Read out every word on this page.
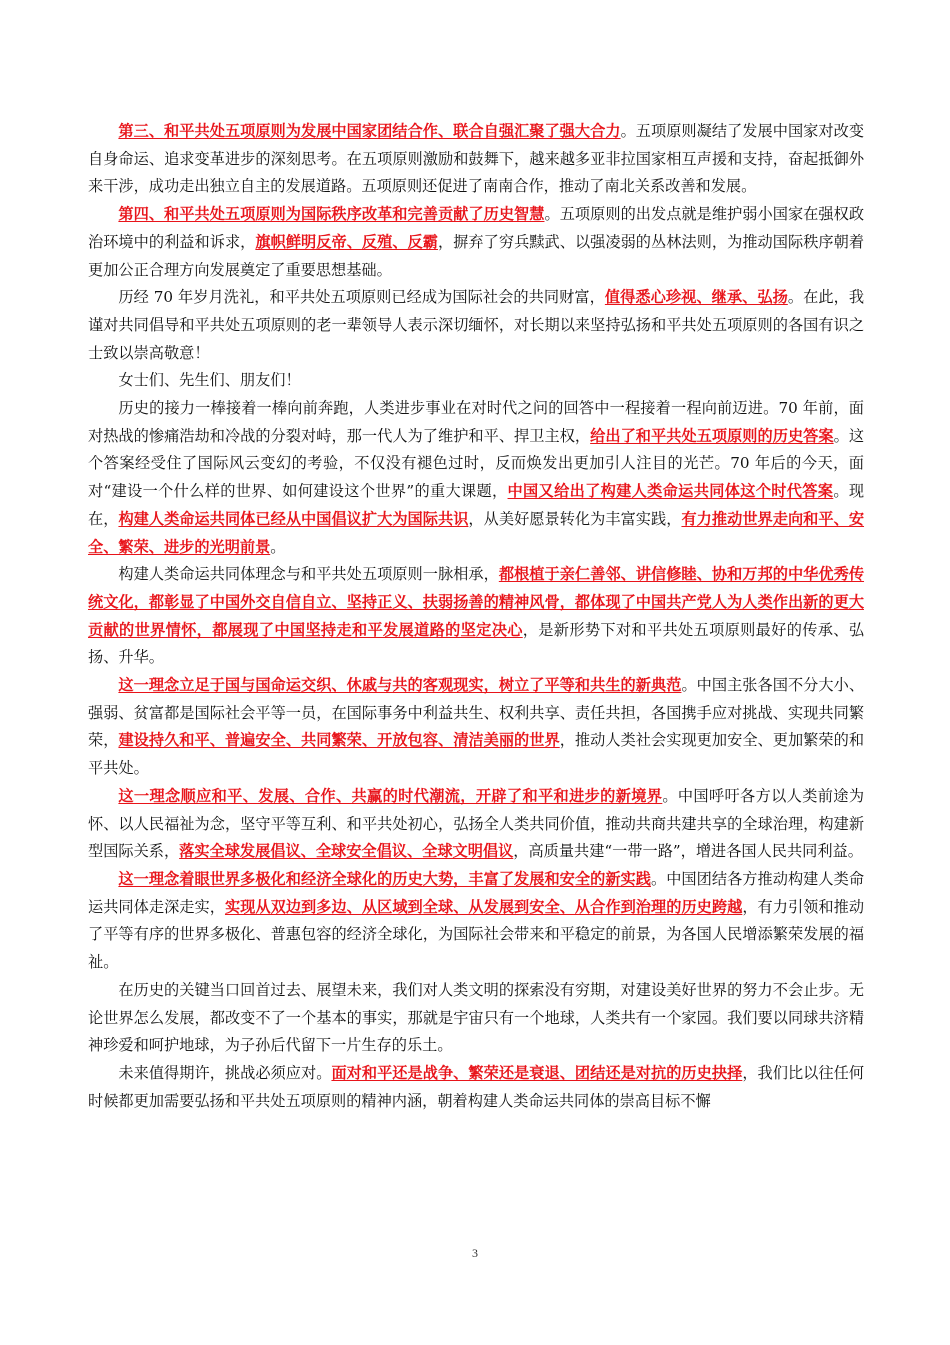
第三、和平共处五项原则为发展中国家团结合作、联合自强汇聚了强大合力。五项原则凝结了发展中国家对改变自身命运、追求变革进步的深刻思考。在五项原则激励和鼓舞下，越来越多亚非拉国家相互声援和支持，奋起抵御外来干涉，成功走出独立自主的发展道路。五项原则还促进了南南合作，推动了南北关系改善和发展。

第四、和平共处五项原则为国际秩序改革和完善贡献了历史智慧。五项原则的出发点就是维护弱小国家在强权政治环境中的利益和诉求，旗帜鲜明反帝、反殖、反霸，摒弃了穷兵黩武、以强凌弱的丛林法则，为推动国际秩序朝着更加公正合理方向发展奠定了重要思想基础。

历经 70 年岁月洗礼，和平共处五项原则已经成为国际社会的共同财富，值得悉心珍视、继承、弘扬。在此，我谨对共同倡导和平共处五项原则的老一辈领导人表示深切缅怀，对长期以来坚持弘扬和平共处五项原则的各国有识之士致以崇高敬意！

女士们、先生们、朋友们！

历史的接力一棒接着一棒向前奔跑，人类进步事业在对时代之问的回答中一程接着一程向前迈进。70 年前，面对热战的惨痛浩劫和冷战的分裂对峙，那一代人为了维护和平、捍卫主权，给出了和平共处五项原则的历史答案。这个答案经受住了国际风云变幻的考验，不仅没有褪色过时，反而焕发出更加引人注目的光芒。70 年后的今天，面对“建设一个什么样的世界、如何建设这个世界”的重大课题，中国又给出了构建人类命运共同体这个时代答案。现在，构建人类命运共同体已经从中国倡议扩大为国际共识，从美好愿景转化为丰富实践，有力推动世界走向和平、安全、繁荣、进步的光明前景。

构建人类命运共同体理念与和平共处五项原则一脉相承，都根植于亲仁善邻、讲信修睦、协和万邦的中华优秀传统文化，都彰显了中国外交自信自立、坚持正义、扶弱扬善的精神风骨，都体现了中国共产党人为人类作出新的更大贡献的世界情怀，都展现了中国坚持走和平发展道路的坚定决心，是新形势下对和平共处五项原则最好的传承、弘扬、升华。

这一理念立足于国与国命运交织、休戚与共的客观现实，树立了平等和共生的新典范。中国主张各国不分大小、强弱、贫富都是国际社会平等一员，在国际事务中利益共生、权利共享、责任共担，各国携手应对挑战、实现共同繁荣，建设持久和平、普遍安全、共同繁荣、开放包容、清洁美丽的世界，推动人类社会实现更加安全、更加繁荣的和平共处。

这一理念顺应和平、发展、合作、共赢的时代潮流，开辟了和平和进步的新境界。中国呼吁各方以人类前途为怀、以人民福祉为念，坚守平等互利、和平共处初心，弘扬全人类共同价值，推动共商共建共享的全球治理，构建新型国际关系，落实全球发展倡议、全球安全倡议、全球文明倡议，高质量共建“一带一路”，增进各国人民共同利益。

这一理念着眼世界多极化和经济全球化的历史大势，丰富了发展和安全的新实践。中国团结各方推动构建人类命运共同体走深走实，实现从双边到多边、从区域到全球、从发展到安全、从合作到治理的历史跨越，有力引领和推动了平等有序的世界多极化、普惠包容的经济全球化，为国际社会带来和平稳定的前景，为各国人民增添繁荣发展的福祉。

在历史的关键当口回首过去、展望未来，我们对人类文明的探索没有穷期，对建设美好世界的努力不会止步。无论世界怎么发展，都改变不了一个基本的事实，那就是宇宙只有一个地球，人类共有一个家园。我们要以同球共济精神珍爱和呵护地球，为子孙后代留下一片生存的乐土。

未来值得期许，挑战必须应对。面对和平还是战争、繁荣还是衰退、团结还是对抗的历史抉择，我们比以往任何时候都更加需要弘扬和平共处五项原则的精神内涵，朝着构建人类命运共同体的崇高目标不懈

3
